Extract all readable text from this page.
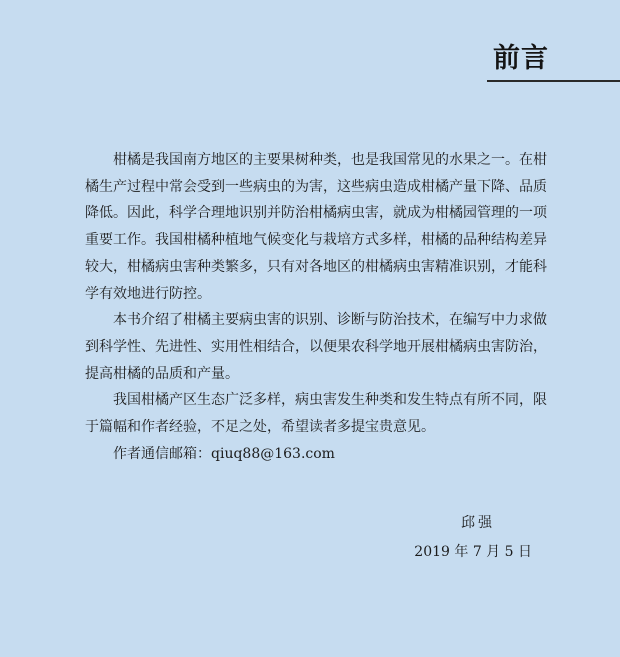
前言

柑橘是我国南方地区的主要果树种类，也是我国常见的水果之一。在柑橘生产过程中常会受到一些病虫的为害，这些病虫造成柑橘产量下降、品质降低。因此，科学合理地识别并防治柑橘病虫害，就成为柑橘园管理的一项重要工作。我国柑橘种植地气候变化与栽培方式多样，柑橘的品种结构差异较大，柑橘病虫害种类繁多，只有对各地区的柑橘病虫害精准识别，才能科学有效地进行防控。

本书介绍了柑橘主要病虫害的识别、诊断与防治技术，在编写中力求做到科学性、先进性、实用性相结合，以便果农科学地开展柑橘病虫害防治，提高柑橘的品质和产量。

我国柑橘产区生态广泛多样，病虫害发生种类和发生特点有所不同，限于篇幅和作者经验，不足之处，希望读者多提宝贵意见。

作者通信邮箱：qiuq88@163.com

邱强
2019 年 7 月 5 日
